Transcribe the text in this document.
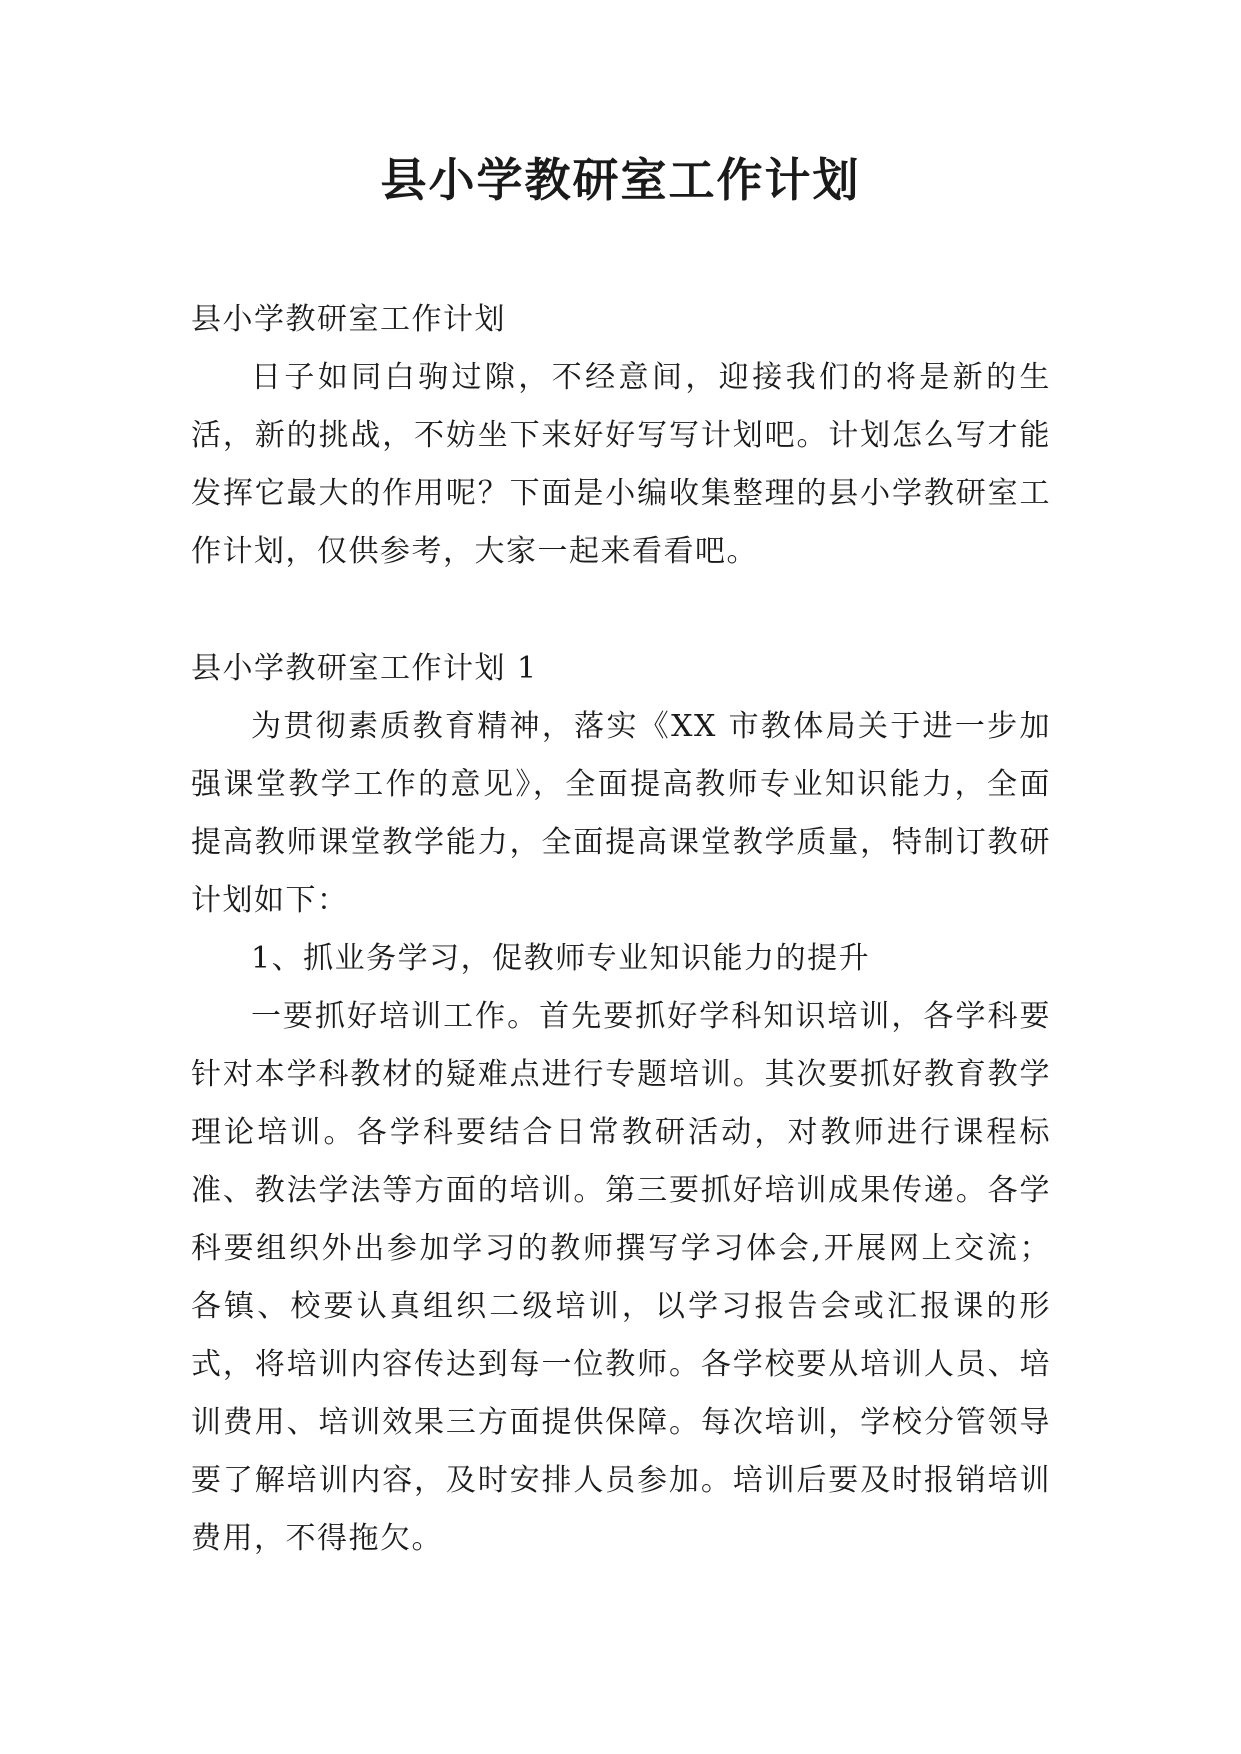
县小学教研室工作计划

县小学教研室工作计划

日子如同白驹过隙，不经意间，迎接我们的将是新的生活，新的挑战，不妨坐下来好好写写计划吧。计划怎么写才能发挥它最大的作用呢？下面是小编收集整理的县小学教研室工作计划，仅供参考，大家一起来看看吧。

县小学教研室工作计划 1

为贯彻素质教育精神，落实《XX 市教体局关于进一步加强课堂教学工作的意见》，全面提高教师专业知识能力，全面提高教师课堂教学能力，全面提高课堂教学质量，特制订教研计划如下：

1、抓业务学习，促教师专业知识能力的提升

一要抓好培训工作。首先要抓好学科知识培训，各学科要针对本学科教材的疑难点进行专题培训。其次要抓好教育教学理论培训。各学科要结合日常教研活动，对教师进行课程标准、教法学法等方面的培训。第三要抓好培训成果传递。各学科要组织外出参加学习的教师撰写学习体会,开展网上交流；各镇、校要认真组织二级培训，以学习报告会或汇报课的形式，将培训内容传达到每一位教师。各学校要从培训人员、培训费用、培训效果三方面提供保障。每次培训，学校分管领导要了解培训内容，及时安排人员参加。培训后要及时报销培训费用，不得拖欠。
